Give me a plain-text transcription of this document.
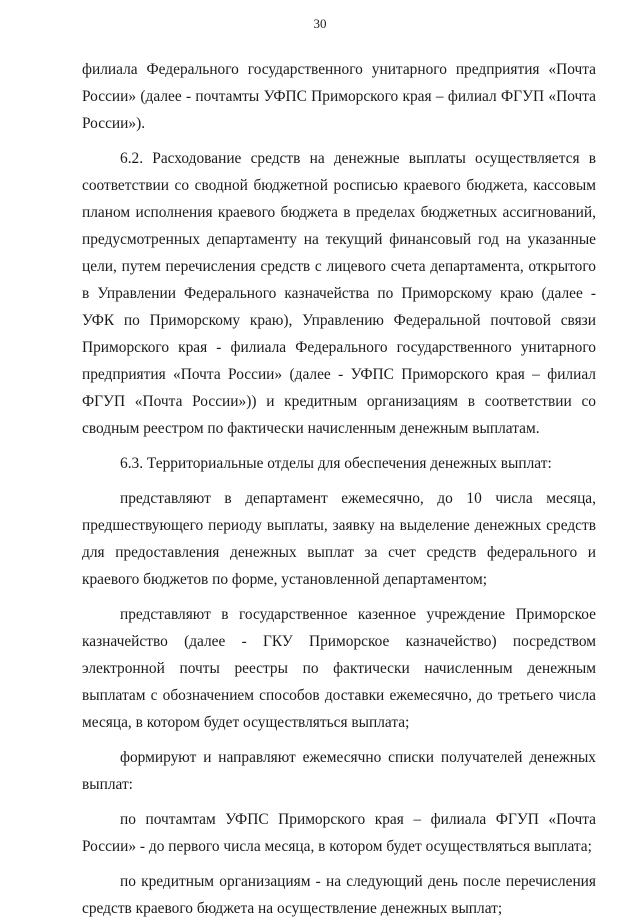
30

филиала Федерального государственного унитарного предприятия «Почта России» (далее - почтамты УФПС Приморского края – филиал ФГУП «Почта России»).

6.2. Расходование средств на денежные выплаты осуществляется в соответствии со сводной бюджетной росписью краевого бюджета, кассовым планом исполнения краевого бюджета в пределах бюджетных ассигнований, предусмотренных департаменту на текущий финансовый год на указанные цели, путем перечисления средств с лицевого счета департамента, открытого в Управлении Федерального казначейства по Приморскому краю (далее - УФК по Приморскому краю), Управлению Федеральной почтовой связи Приморского края - филиала Федерального государственного унитарного предприятия «Почта России» (далее - УФПС Приморского края – филиал ФГУП «Почта России»)) и кредитным организациям в соответствии со сводным реестром по фактически начисленным денежным выплатам.

6.3. Территориальные отделы для обеспечения денежных выплат:

представляют в департамент ежемесячно, до 10 числа месяца, предшествующего периоду выплаты, заявку на выделение денежных средств для предоставления денежных выплат за счет средств федерального и краевого бюджетов по форме, установленной департаментом;

представляют в государственное казенное учреждение Приморское казначейство (далее - ГКУ Приморское казначейство) посредством электронной почты реестры по фактически начисленным денежным выплатам с обозначением способов доставки ежемесячно, до третьего числа месяца, в котором будет осуществляться выплата;

формируют и направляют ежемесячно списки получателей денежных выплат:

по почтамтам УФПС Приморского края – филиала ФГУП «Почта России» - до первого числа месяца, в котором будет осуществляться выплата;

по кредитным организациям - на следующий день после перечисления средств краевого бюджета на осуществление денежных выплат;
